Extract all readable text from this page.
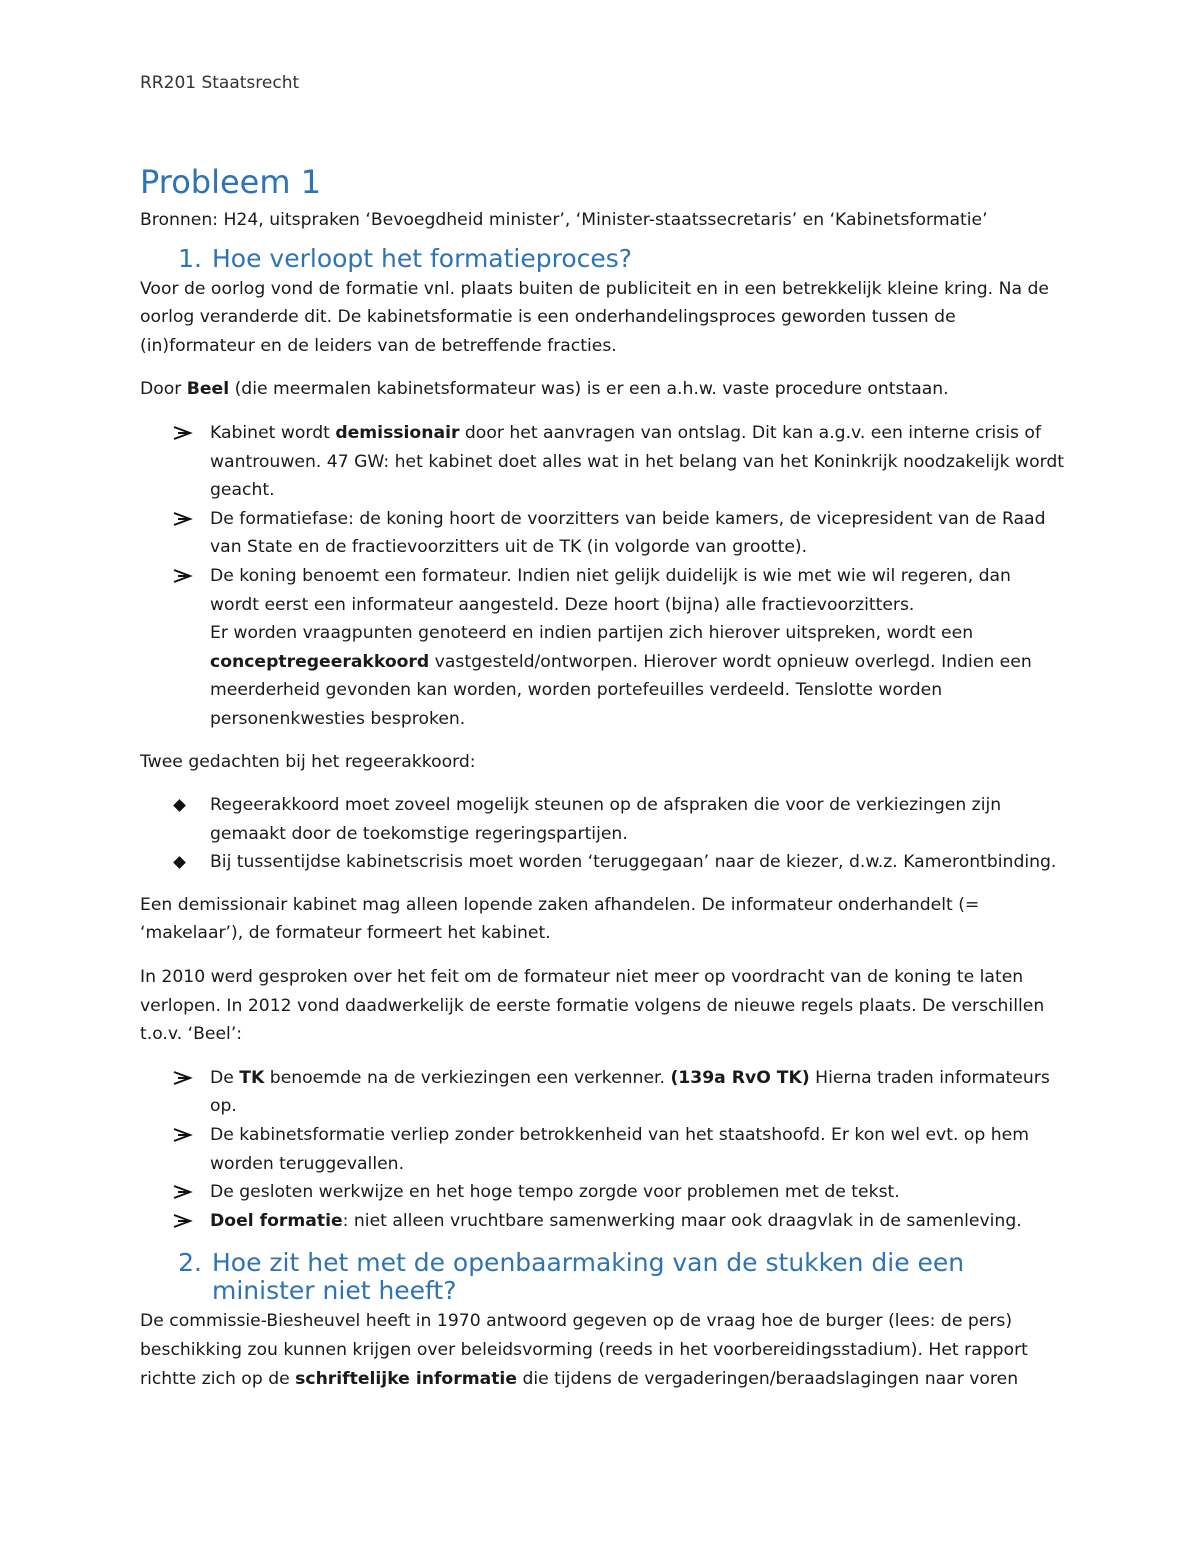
RR201 Staatsrecht
Probleem 1

Bronnen: H24, uitspraken ‘Bevoegdheid minister’, ‘Minister-staatssecretaris’ en ‘Kabinetsformatie’

1. Hoe verloopt het formatieproces?

Voor de oorlog vond de formatie vnl. plaats buiten de publiciteit en in een betrekkelijk kleine kring. Na de oorlog veranderde dit. De kabinetsformatie is een onderhandelingsproces geworden tussen de (in)formateur en de leiders van de betreffende fracties.

Door Beel (die meermalen kabinetsformateur was) is er een a.h.w. vaste procedure ontstaan.

Kabinet wordt demissionair door het aanvragen van ontslag. Dit kan a.g.v. een interne crisis of wantrouwen. 47 GW: het kabinet doet alles wat in het belang van het Koninkrijk noodzakelijk wordt geacht.
De formatiefase: de koning hoort de voorzitters van beide kamers, de vicepresident van de Raad van State en de fractievoorzitters uit de TK (in volgorde van grootte).
De koning benoemt een formateur. Indien niet gelijk duidelijk is wie met wie wil regeren, dan wordt eerst een informateur aangesteld. Deze hoort (bijna) alle fractievoorzitters.
Er worden vraagpunten genoteerd en indien partijen zich hierover uitspreken, wordt een conceptregeerakkoord vastgesteld/ontworpen. Hierover wordt opnieuw overlegd. Indien een meerderheid gevonden kan worden, worden portefeuilles verdeeld. Tenslotte worden personenkwesties besproken.

Twee gedachten bij het regeerakkoord:

Regeerakkoord moet zoveel mogelijk steunen op de afspraken die voor de verkiezingen zijn gemaakt door de toekomstige regeringspartijen.
Bij tussentijdse kabinetscrisis moet worden ‘teruggegaan’ naar de kiezer, d.w.z. Kamerontbinding.

Een demissionair kabinet mag alleen lopende zaken afhandelen. De informateur onderhandelt (= ‘makelaar’), de formateur formeert het kabinet.

In 2010 werd gesproken over het feit om de formateur niet meer op voordracht van de koning te laten verlopen. In 2012 vond daadwerkelijk de eerste formatie volgens de nieuwe regels plaats. De verschillen t.o.v. ‘Beel’:

De TK benoemde na de verkiezingen een verkenner. (139a RvO TK) Hierna traden informateurs op.
De kabinetsformatie verliep zonder betrokkenheid van het staatshoofd. Er kon wel evt. op hem worden teruggevallen.
De gesloten werkwijze en het hoge tempo zorgde voor problemen met de tekst.
Doel formatie: niet alleen vruchtbare samenwerking maar ook draagvlak in de samenleving.
2. Hoe zit het met de openbaarmaking van de stukken die een minister niet heeft?

De commissie-Biesheuvel heeft in 1970 antwoord gegeven op de vraag hoe de burger (lees: de pers) beschikking zou kunnen krijgen over beleidsvorming (reeds in het voorbereidingsstadium). Het rapport richtte zich op de schriftelijke informatie die tijdens de vergaderingen/beraadslagingen naar voren
